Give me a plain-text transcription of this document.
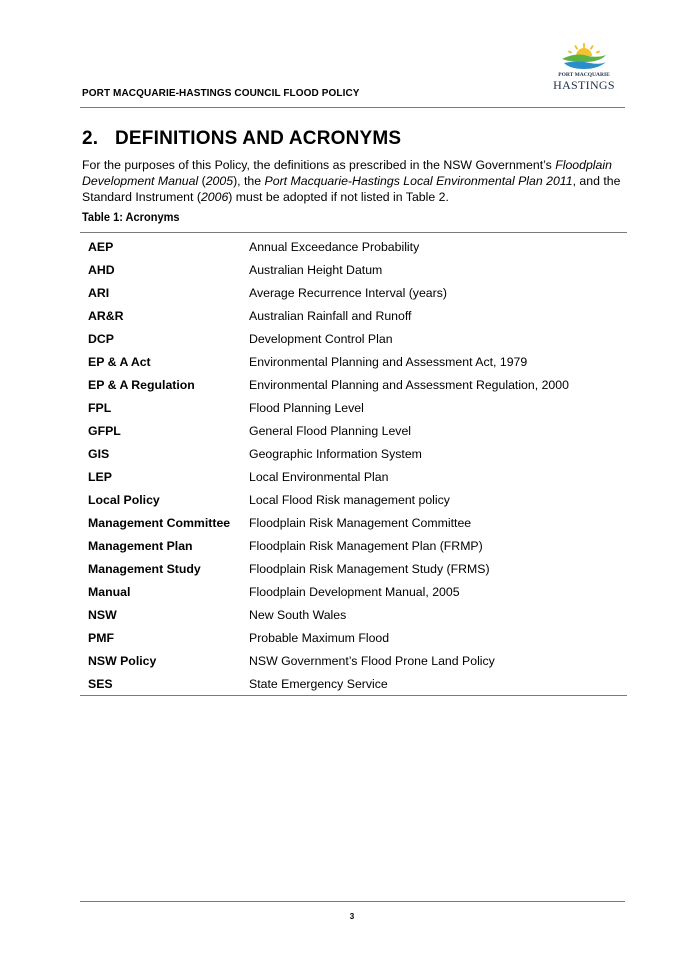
PORT MACQUARIE-HASTINGS COUNCIL FLOOD POLICY
PORT MACQUARIE
HASTINGS
2. DEFINITIONS AND ACRONYMS

For the purposes of this Policy, the definitions as prescribed in the NSW Government’s Floodplain Development Manual (2005), the Port Macquarie-Hastings Local Environmental Plan 2011, and the Standard Instrument (2006) must be adopted if not listed in Table 2.

Table 1: Acronyms
AEP	Annual Exceedance Probability
AHD	Australian Height Datum
ARI	Average Recurrence Interval (years)
AR&R	Australian Rainfall and Runoff
DCP	Development Control Plan
EP & A Act	Environmental Planning and Assessment Act, 1979
EP & A Regulation	Environmental Planning and Assessment Regulation, 2000
FPL	Flood Planning Level
GFPL	General Flood Planning Level
GIS	Geographic Information System
LEP	Local Environmental Plan
Local Policy	Local Flood Risk management policy
Management Committee	Floodplain Risk Management Committee
Management Plan	Floodplain Risk Management Plan (FRMP)
Management Study	Floodplain Risk Management Study (FRMS)
Manual	Floodplain Development Manual, 2005
NSW	New South Wales
PMF	Probable Maximum Flood
NSW Policy	NSW Government’s Flood Prone Land Policy
SES	State Emergency Service
3
